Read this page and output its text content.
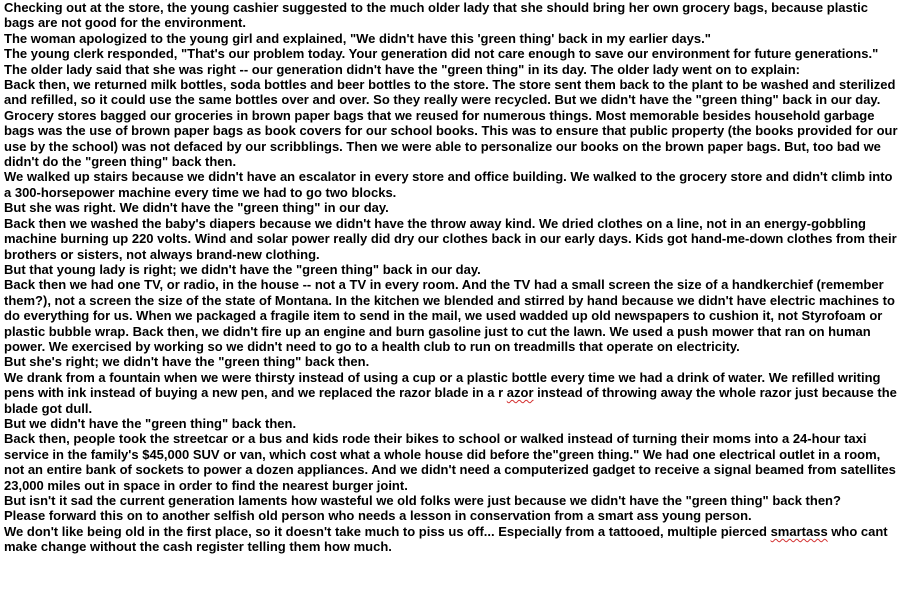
Checking out at the store, the young cashier suggested to the much older lady that she should bring her own grocery bags, because plastic bags are not good for the environment.

The woman apologized to the young girl and explained, "We didn't have this 'green thing' back in my earlier days."

The young clerk responded, "That's our problem today. Your generation did not care enough to save our environment for future generations."

The older lady said that she was right -- our generation didn't have the "green thing" in its day. The older lady went on to explain:

Back then, we returned milk bottles, soda bottles and beer bottles to the store. The store sent them back to the plant to be washed and sterilized and refilled, so it could use the same bottles over and over. So they really were recycled. But we didn't have the "green thing" back in our day.

Grocery stores bagged our groceries in brown paper bags that we reused for numerous things. Most memorable besides household garbage bags was the use of brown paper bags as book covers for our school books. This was to ensure that public property (the books provided for our use by the school) was not defaced by our scribblings. Then we were able to personalize our books on the brown paper bags. But, too bad we didn't do the "green thing" back then.

We walked up stairs because we didn't have an escalator in every store and office building. We walked to the grocery store and didn't climb into a 300-horsepower machine every time we had to go two blocks.

But she was right. We didn't have the "green thing" in our day.

Back then we washed the baby's diapers because we didn't have the throw away kind. We dried clothes on a line, not in an energy-gobbling machine burning up 220 volts. Wind and solar power really did dry our clothes back in our early days. Kids got hand-me-down clothes from their brothers or sisters, not always brand-new clothing.

But that young lady is right; we didn't have the "green thing" back in our day.

Back then we had one TV, or radio, in the house -- not a TV in every room. And the TV had a small screen the size of a handkerchief (remember them?), not a screen the size of the state of Montana. In the kitchen we blended and stirred by hand because we didn't have electric machines to do everything for us. When we packaged a fragile item to send in the mail, we used wadded up old newspapers to cushion it, not Styrofoam or plastic bubble wrap. Back then, we didn't fire up an engine and burn gasoline just to cut the lawn. We used a push mower that ran on human power. We exercised by working so we didn't need to go to a health club to run on treadmills that operate on electricity.

But she's right; we didn't have the "green thing" back then.

We drank from a fountain when we were thirsty instead of using a cup or a plastic bottle every time we had a drink of water. We refilled writing pens with ink instead of buying a new pen, and we replaced the razor blade in a r azor instead of throwing away the whole razor just because the blade got dull.

But we didn't have the "green thing" back then.

Back then, people took the streetcar or a bus and kids rode their bikes to school or walked instead of turning their moms into a 24-hour taxi service in the family's $45,000 SUV or van, which cost what a whole house did before the"green thing." We had one electrical outlet in a room, not an entire bank of sockets to power a dozen appliances. And we didn't need a computerized gadget to receive a signal beamed from satellites 23,000 miles out in space in order to find the nearest burger joint.

But isn't it sad the current generation laments how wasteful we old folks were just because we didn't have the "green thing" back then?

Please forward this on to another selfish old person who needs a lesson in conservation from a smart ass young person.

We don't like being old in the first place, so it doesn't take much to piss us off... Especially from a tattooed, multiple pierced smartass who cant make change without the cash register telling them how much.
